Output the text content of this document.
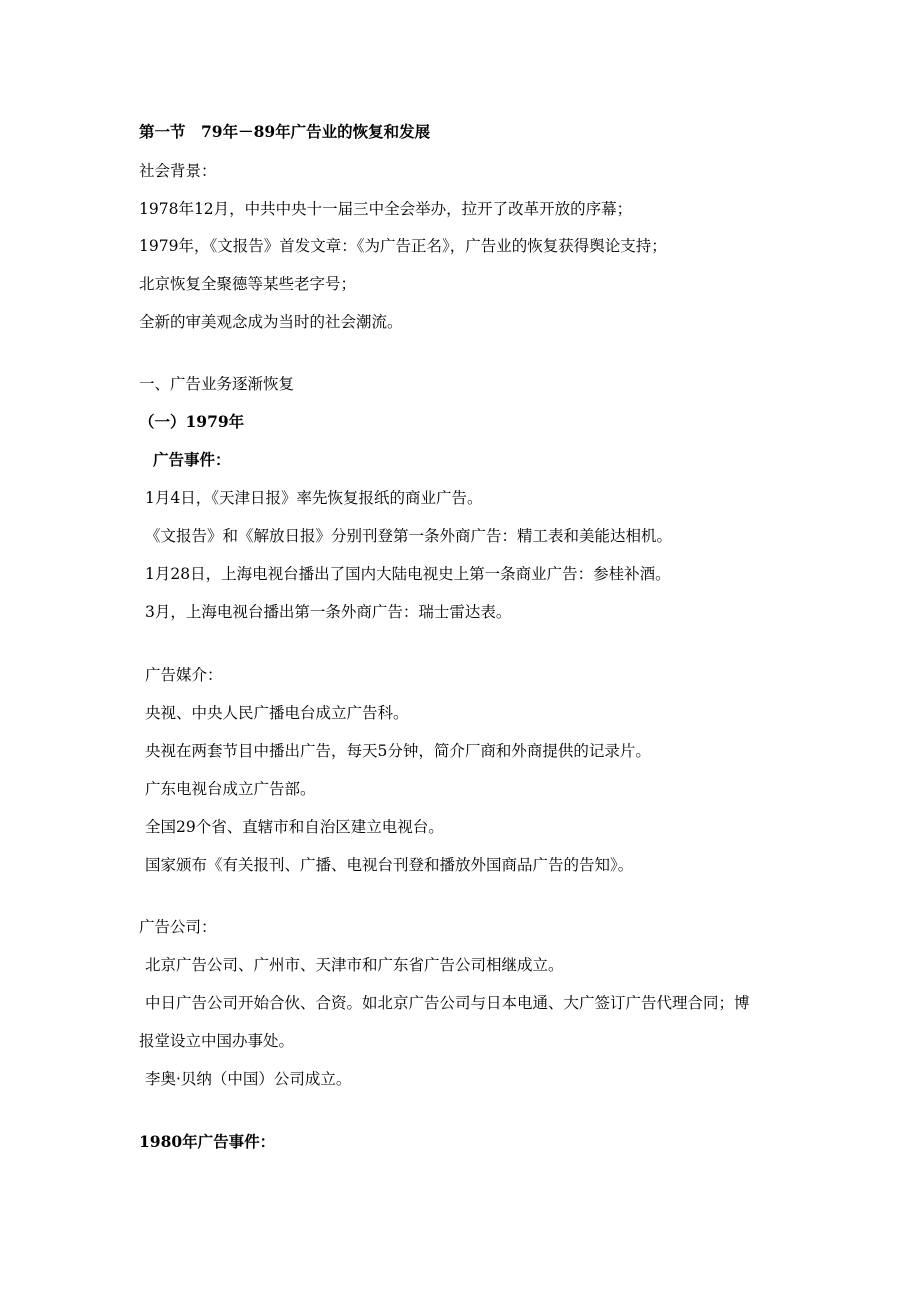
第一节　79年－89年广告业的恢复和发展
社会背景：
1978年12月，中共中央十一届三中全会举办，拉开了改革开放的序幕；
1979年，《文报告》首发文章：《为广告正名》，广告业的恢复获得舆论支持；
北京恢复全聚德等某些老字号；
全新的审美观念成为当时的社会潮流。
一、广告业务逐渐恢复
（一）1979年
广告事件：
1月4日，《天津日报》率先恢复报纸的商业广告。
《文报告》和《解放日报》分别刊登第一条外商广告：精工表和美能达相机。
1月28日，上海电视台播出了国内大陆电视史上第一条商业广告：参桂补酒。
3月，上海电视台播出第一条外商广告：瑞士雷达表。
广告媒介：
央视、中央人民广播电台成立广告科。
央视在两套节目中播出广告，每天5分钟，简介厂商和外商提供的记录片。
广东电视台成立广告部。
全国29个省、直辖市和自治区建立电视台。
国家颁布《有关报刊、广播、电视台刊登和播放外国商品广告的告知》。
广告公司：
北京广告公司、广州市、天津市和广东省广告公司相继成立。
中日广告公司开始合伙、合资。如北京广告公司与日本电通、大广签订广告代理合同；博
报堂设立中国办事处。
李奥·贝纳（中国）公司成立。
1980年广告事件：
